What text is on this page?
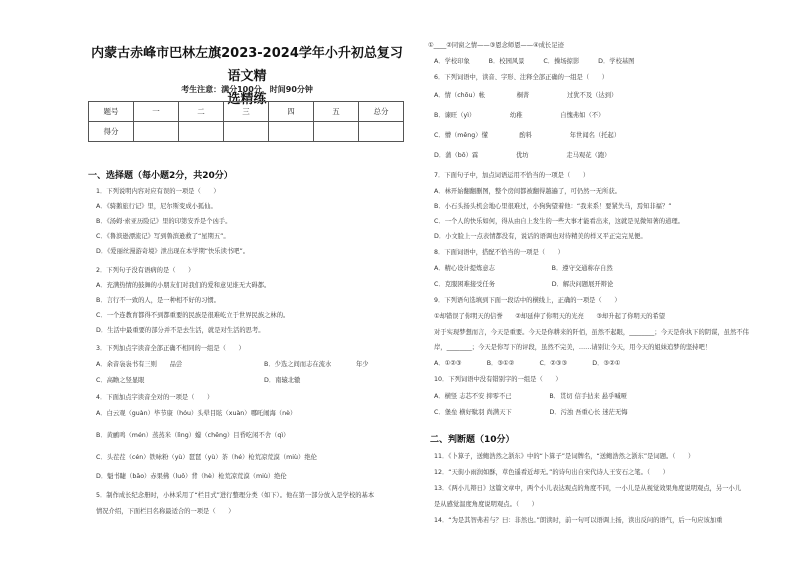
内蒙古赤峰市巴林左旗2023-2024学年小升初总复习语文精
选精练
考生注意：满分100分，时间90分钟
题号	一	二	三	四	五	总分
得分						
一、选择题（每小题2分，共20分）
1．下列说明内容对应有误的一项是（　　）
A．《骑鹅旅行记》里，尼尔斯变成小狐仙。
B．《汤姆·索亚历险记》里的印第安乔是个凶手。
C．《鲁滨逊漂流记》写到鲁滨逊救了“星期五”。
D．《爱丽丝漫游奇境》泄出现在本学期“快乐读书吧”。
2．下列句子没有语病的是（　　）
A．充满热情的鼓舞的小朋友们对我们的爱和意见谁无大碍都。
B．言行不一致的人，是一种相不好的习惯。
C．一个连教育都得不到都重要的民族是很难屹立于世界民族之林的。
D．生活中最重要的部分并不是去生活，就是对生活的思考。
3．下列加点字读音全部正确不相同的一组是（　　）
A．余音袅袅书有三则　　品尝	B．少选之间而志在流水
C．高瞻之竖显眼	D．南辕北辙
年少
4．下面加点字读音全对的一项是（　　）
A．白云观（guàn）毕节康（hóu）头晕目眩（xuàn）哪吒闹海（nè）
B．黄鹂鸣（mén）蒸蒸米（lìng）蠓（chēng）目昏吃闲不舍（qì）
C．头茬茬（cén）铁咏粉（yù）琶琶（yù）茶（hé）枪荒凉荒漠（miù）绝伦
D．魁书睫（bāo）赤果佛（luǒ）背（hè）枪荒凉荒漠（miù）绝伦
5．制作成长纪念册时，小林采用了“栏目式”进行整理分类（如下）。他在第一部分放入是学校的基本
情况介绍，下面栏目名称最适合的一项是（　　）
①____②同窗之情——③恩念师恩——④成长足迹
A．学校印象　　　B．校园风景　　　C．操场掠影　　　D．学校基图
6．下列词语中，读音、字形、注释全部正确的一组是（　　）
A．情（chōu）帐　　　　　桐菁　　　　　　过犹不及（达到）
B．谏旺（yì）　　　　　　幼稚　　　　　　自愧弗如（不）
C．懵（měng）懂　　　　　酌料　　　　　　年世闻名（托起）
D．蒲（bō）霖　　　　　　优坊　　　　　　走马观花（跑）
7．下面句子中，加点词语运用不恰当的一项是（　　）
A．林开始翻翻删图，整个房间都被翻得越遍了，可仍然一无所获。
B．小石头扬头机会地心里很难过，小狗狗望着他：“我来系！要紧失马，焉知非福？”
C．一个人的快乐如何，得从由自上发生的一些大事才能看出来，这就是见微知著的道理。
D．小文脸上一点表情都没有，说话的语调也对待精美的样又平正完完见便。
8．下面词语中，搭配不恰当的一项是（　　）
A．精心设计提炼意志　　　　　　　　　B．遵守交通称存自然
C．克服困难接受任务　　　　　　　　　D．解决问题展开辩论
9．下列语句选填到下面一段话中的横线上，正确的一项是（　　）
①却错误了你明天的信誉　　②却延伸了你明天的光亮　　③却升起了你明天的希望
对于实现梦想而言，今天是重要。今天是你耕来的阡佰，虽然不起眼，________；今天是你执下的阴谋，虽然不伟
岸，________；今天是你写下的评段，虽然不完美，……请别让今天，用今天的姐妹追梦的坚持吧！
A．①②③　　　　B．③①②　　　　C．②③③　　　　D．③②①
10．下列词语中没有错别字的一组是（　　）
A．横竖 志芯不安 抑零不已　　　　　　B．贯切 信手拈来 悬乎喊哑
C．堡垒 横好駄羽 尚满天下　　　　　　D．污浊 吾重心长 迷茫无悔
二、判断题（10分）
11．《卜算子，送鲍浩然之浙东》中的“卜算子”是词牌名，“送鲍浩然之浙东”是词题。（　　）
12．“天街小雨润如酥，草色遥看近却无。”的诗句出自宋代诗人王安石之笔。（　　）
13．《两小儿辩日》这篇文章中，两个小儿表达观点的角度不同，一小儿是从视觉效果角度说明观点，另一小儿
是从感觉温度角度说明观点。（　　）
14．“为是其智弗若与？曰：非然也。”朗读时，前一句可以语调上扬，读出反问的语气，后一句应该加重
